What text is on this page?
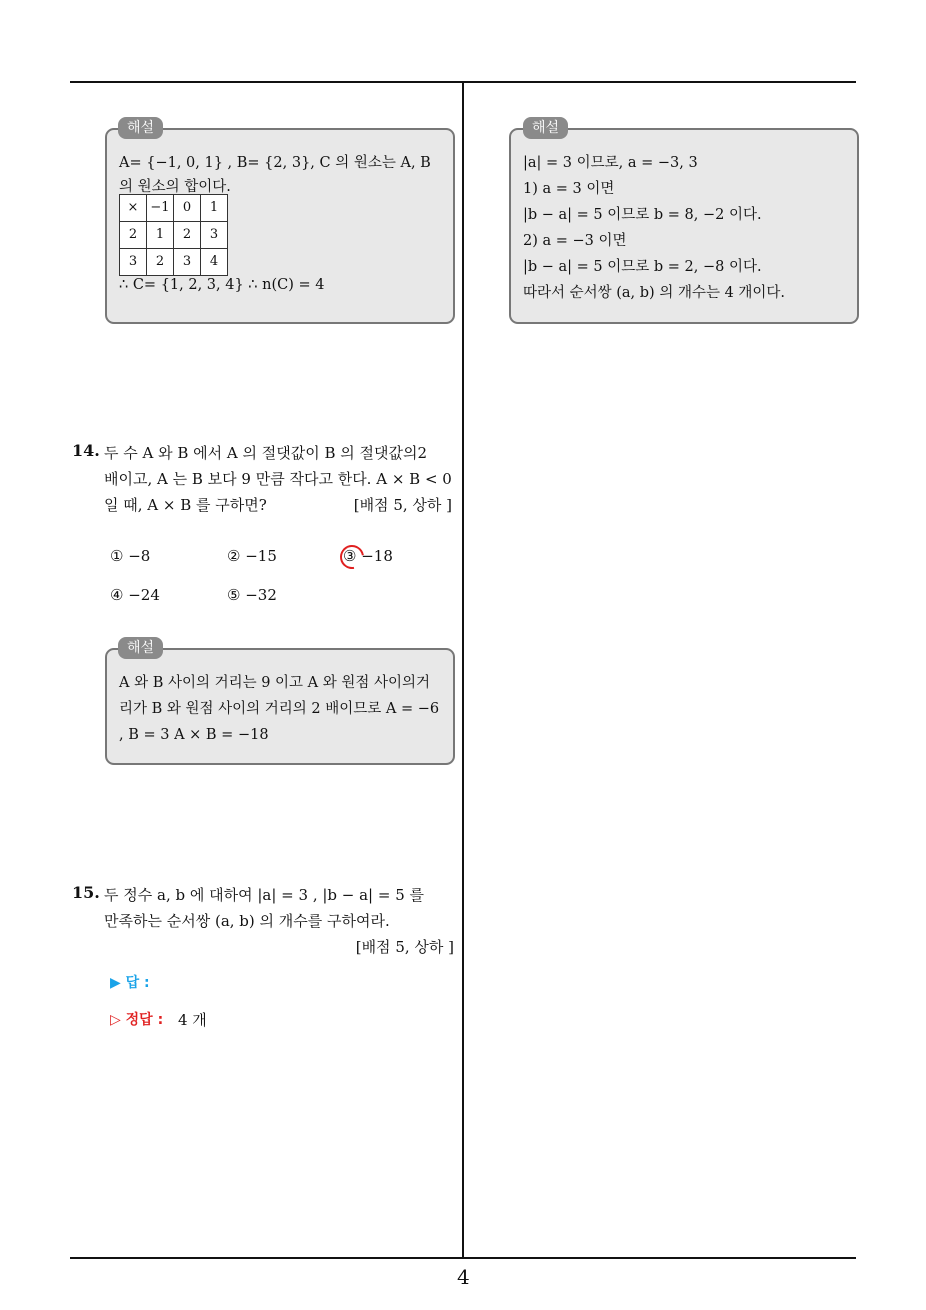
A= {−1, 0, 1} , B= {2, 3}, C 의 원소는 A, B
의 원소의 합이다.
×	−1	0	1
2	1	2	3
3	2	3	4
∴ C= {1, 2, 3, 4} ∴ n(C) = 4
해설
|a| = 3 이므로, a = −3, 3
1) a = 3 이면
|b − a| = 5 이므로 b = 8, −2 이다.
2) a = −3 이면
|b − a| = 5 이므로 b = 2, −8 이다.
따라서 순서쌍 (a, b) 의 개수는 4 개이다.
해설
14. 두 수 A 와 B 에서 A 의 절댓값이 B 의 절댓값의2
배이고, A 는 B 보다 9 만큼 작다고 한다. A × B < 0
일 때, A × B 를 구하면?	[배점 5, 상하 ]
① −8	② −15	③ −18
④ −24	⑤ −32
A 와 B 사이의 거리는 9 이고 A 와 원점 사이의거
리가 B 와 원점 사이의 거리의 2 배이므로 A = −6
, B = 3 A × B = −18
해설
15. 두 정수 a, b 에 대하여 |a| = 3 , |b − a| = 5 를
만족하는 순서쌍 (a, b) 의 개수를 구하여라.
[배점 5, 상하 ]
▶ 답 :
▷ 정답 : 4 개
4
